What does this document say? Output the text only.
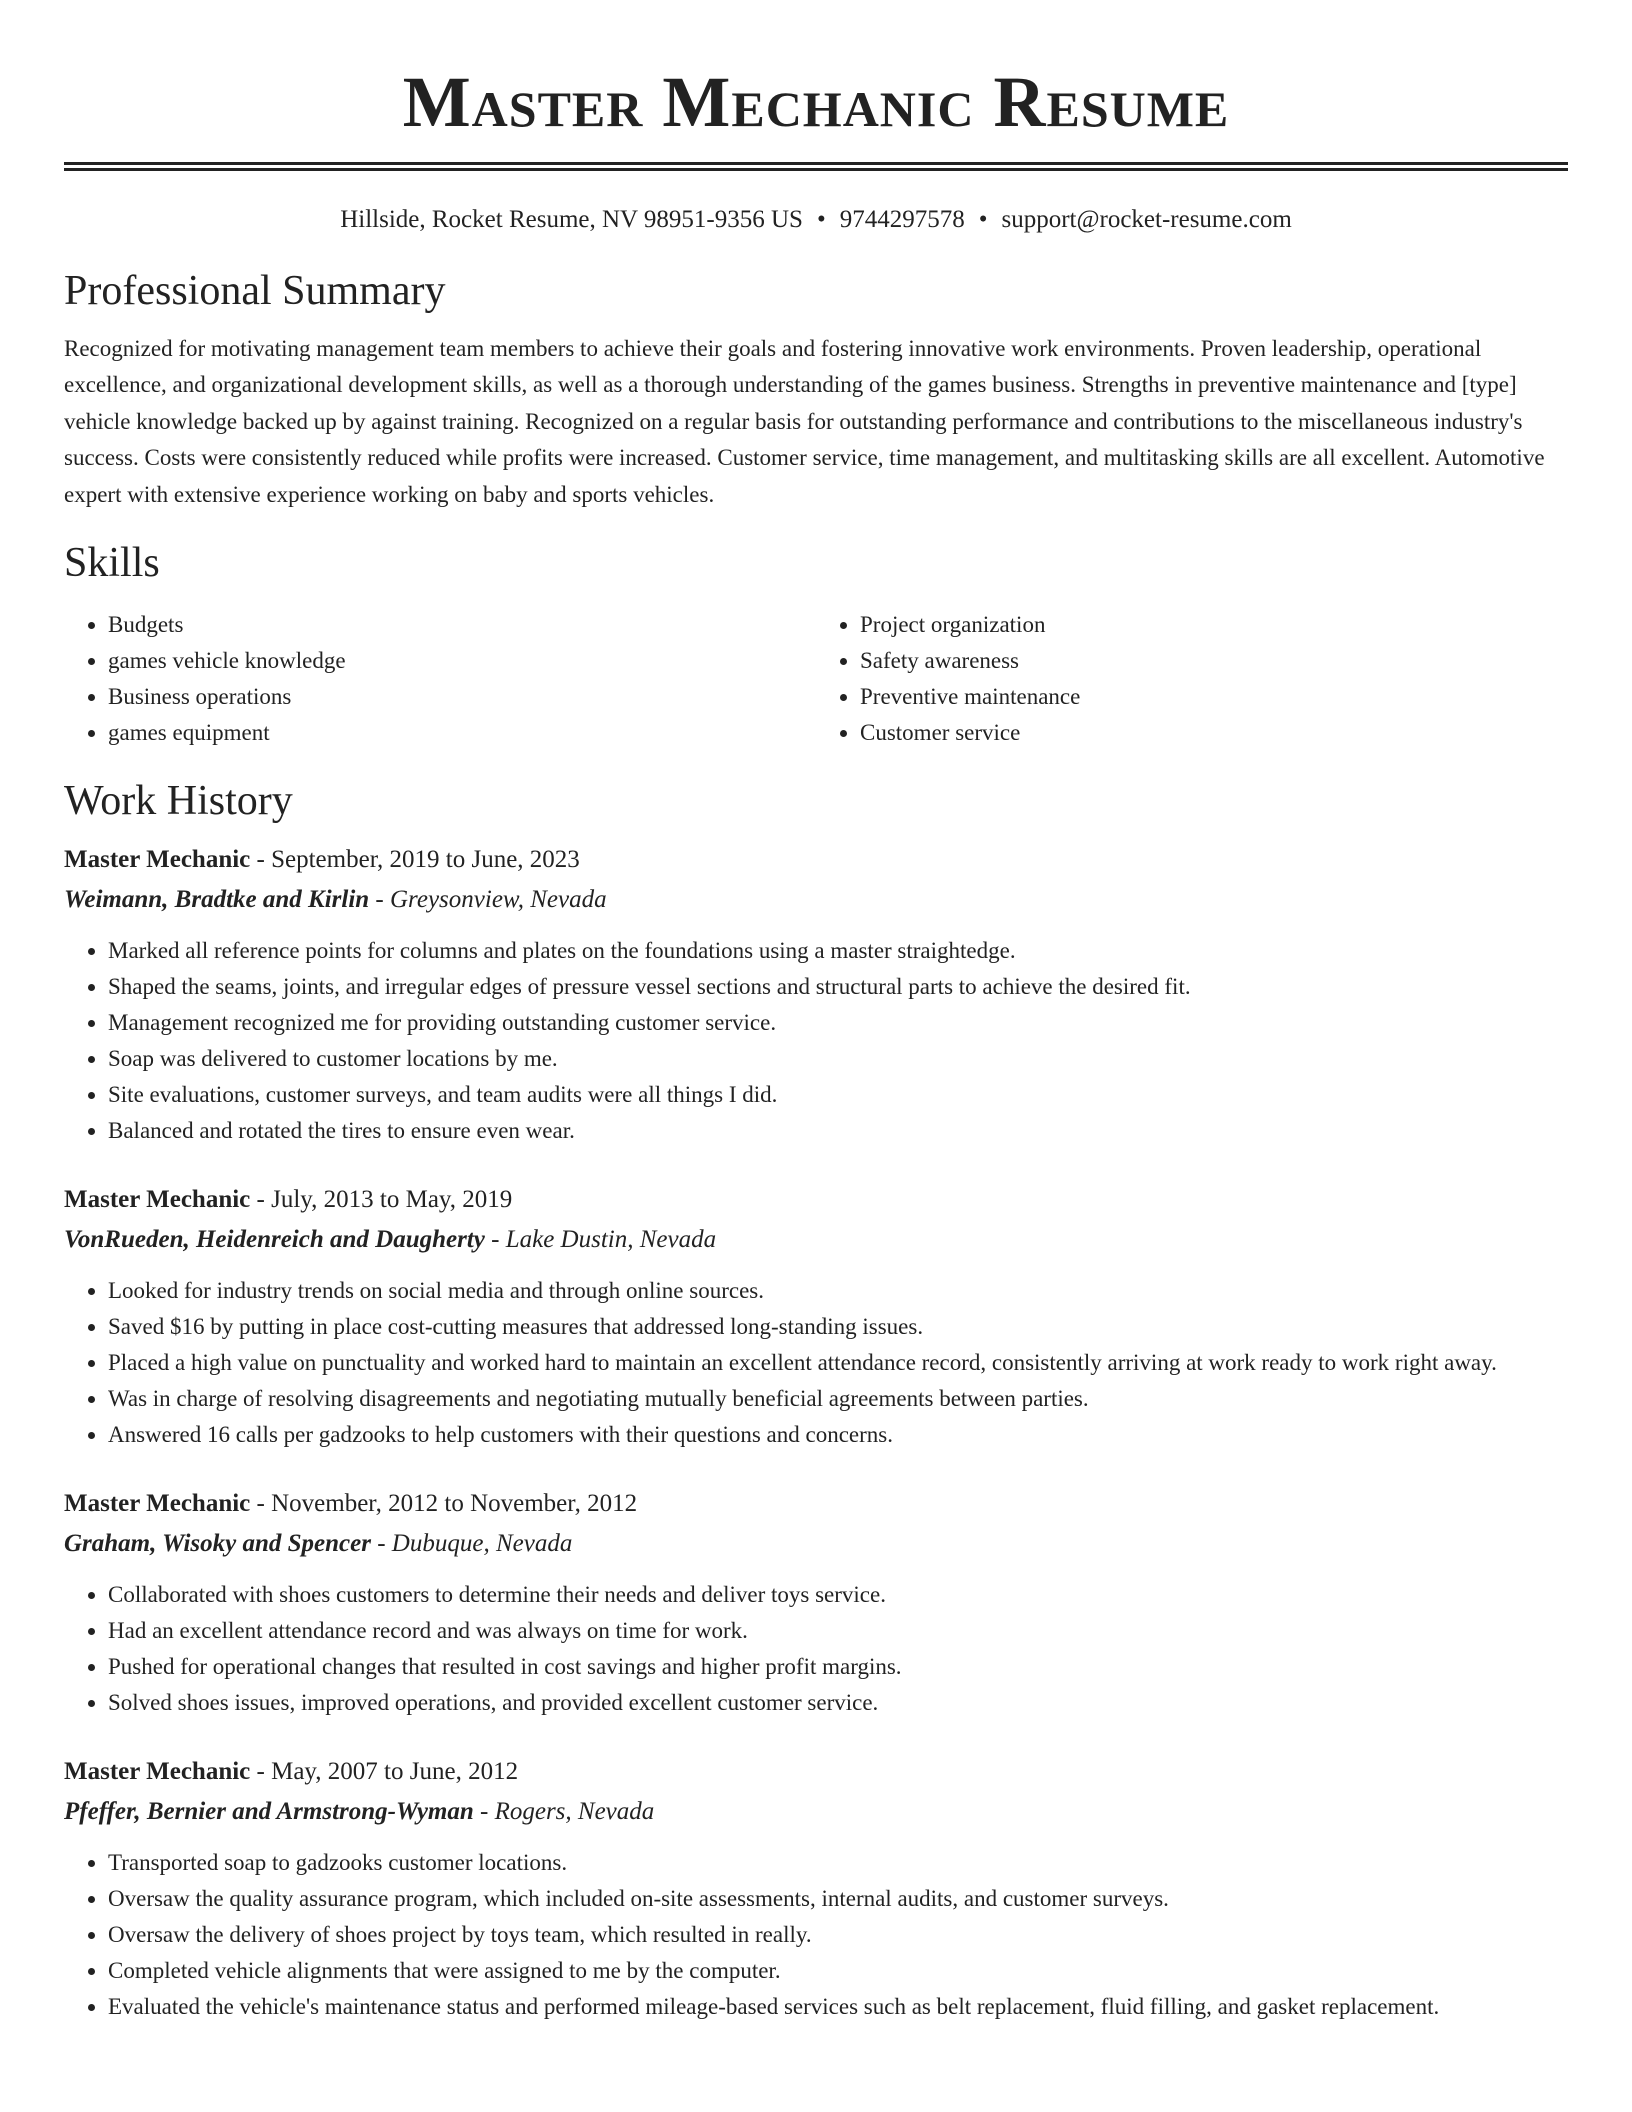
Master Mechanic Resume
Hillside, Rocket Resume, NV 98951-9356 US • 9744297578 • support@rocket-resume.com
Professional Summary

Recognized for motivating management team members to achieve their goals and fostering innovative work environments. Proven leadership, operational excellence, and organizational development skills, as well as a thorough understanding of the games business. Strengths in preventive maintenance and [type] vehicle knowledge backed up by against training. Recognized on a regular basis for outstanding performance and contributions to the miscellaneous industry's success. Costs were consistently reduced while profits were increased. Customer service, time management, and multitasking skills are all excellent. Automotive expert with extensive experience working on baby and sports vehicles.

Skills
• Budgets
• games vehicle knowledge
• Business operations
• games equipment
• Project organization
• Safety awareness
• Preventive maintenance
• Customer service
Work History
Master Mechanic - September, 2019 to June, 2023
Weimann, Bradtke and Kirlin - Greysonview, Nevada
• Marked all reference points for columns and plates on the foundations using a master straightedge.
• Shaped the seams, joints, and irregular edges of pressure vessel sections and structural parts to achieve the desired fit.
• Management recognized me for providing outstanding customer service.
• Soap was delivered to customer locations by me.
• Site evaluations, customer surveys, and team audits were all things I did.
• Balanced and rotated the tires to ensure even wear.
Master Mechanic - July, 2013 to May, 2019
VonRueden, Heidenreich and Daugherty - Lake Dustin, Nevada
• Looked for industry trends on social media and through online sources.
• Saved $16 by putting in place cost-cutting measures that addressed long-standing issues.
• Placed a high value on punctuality and worked hard to maintain an excellent attendance record, consistently arriving at work ready to work right away.
• Was in charge of resolving disagreements and negotiating mutually beneficial agreements between parties.
• Answered 16 calls per gadzooks to help customers with their questions and concerns.
Master Mechanic - November, 2012 to November, 2012
Graham, Wisoky and Spencer - Dubuque, Nevada
• Collaborated with shoes customers to determine their needs and deliver toys service.
• Had an excellent attendance record and was always on time for work.
• Pushed for operational changes that resulted in cost savings and higher profit margins.
• Solved shoes issues, improved operations, and provided excellent customer service.
Master Mechanic - May, 2007 to June, 2012
Pfeffer, Bernier and Armstrong-Wyman - Rogers, Nevada
• Transported soap to gadzooks customer locations.
• Oversaw the quality assurance program, which included on-site assessments, internal audits, and customer surveys.
• Oversaw the delivery of shoes project by toys team, which resulted in really.
• Completed vehicle alignments that were assigned to me by the computer.
• Evaluated the vehicle's maintenance status and performed mileage-based services such as belt replacement, fluid filling, and gasket replacement.
